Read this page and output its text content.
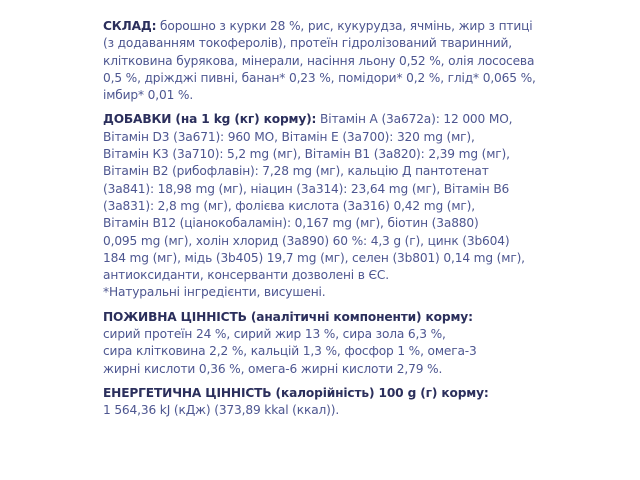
СКЛАД: борошно з курки 28 %, рис, кукурудза, ячмінь, жир з птиці
(з додаванням токоферолів), протеїн гідролізований тваринний,
клітковина бурякова, мінерали, насіння льону 0,52 %, олія лососева
0,5 %, дріжджі пивні, банан* 0,23 %, помідори* 0,2 %, глід* 0,065 %,
імбир* 0,01 %.
ДОБАВКИ (на 1 kg (кг) корму): Вітамін А (3а672а): 12 000 МО,
Вітамін D3 (3а671): 960 МО, Вітамін Е (3а700): 320 mg (мг),
Вітамін К3 (3а710): 5,2 mg (мг), Вітамін В1 (3а820): 2,39 mg (мг),
Вітамін В2 (рибофлавін): 7,28 mg (мг), кальцію Д пантотенат
(3а841): 18,98 mg (мг), ніацин (3а314): 23,64 mg (мг), Вітамін В6
(3а831): 2,8 mg (мг), фолієва кислота (3а316) 0,42 mg (мг),
Вітамін В12 (ціанокобаламін): 0,167 mg (мг), біотин (3а880)
0,095 mg (мг), холін хлорид (3а890) 60 %: 4,3 g (г), цинк (3b604)
184 mg (мг), мідь (3b405) 19,7 mg (мг), селен (3b801) 0,14 mg (мг),
антиоксиданти, консерванти дозволені в ЄС.
*Натуральні інгредієнти, висушені.
ПОЖИВНА ЦІННІСТЬ (аналітичні компоненти) корму:
сирий протеїн 24 %, сирий жир 13 %, сира зола 6,3 %,
сира клітковина 2,2 %, кальцій 1,3 %, фосфор 1 %, омега-3
жирні кислоти 0,36 %, омега-6 жирні кислоти 2,79 %.
ЕНЕРГЕТИЧНА ЦІННІСТЬ (калорійність) 100 g (г) корму:
1 564,36 kJ (кДж) (373,89 kkal (ккал)).
